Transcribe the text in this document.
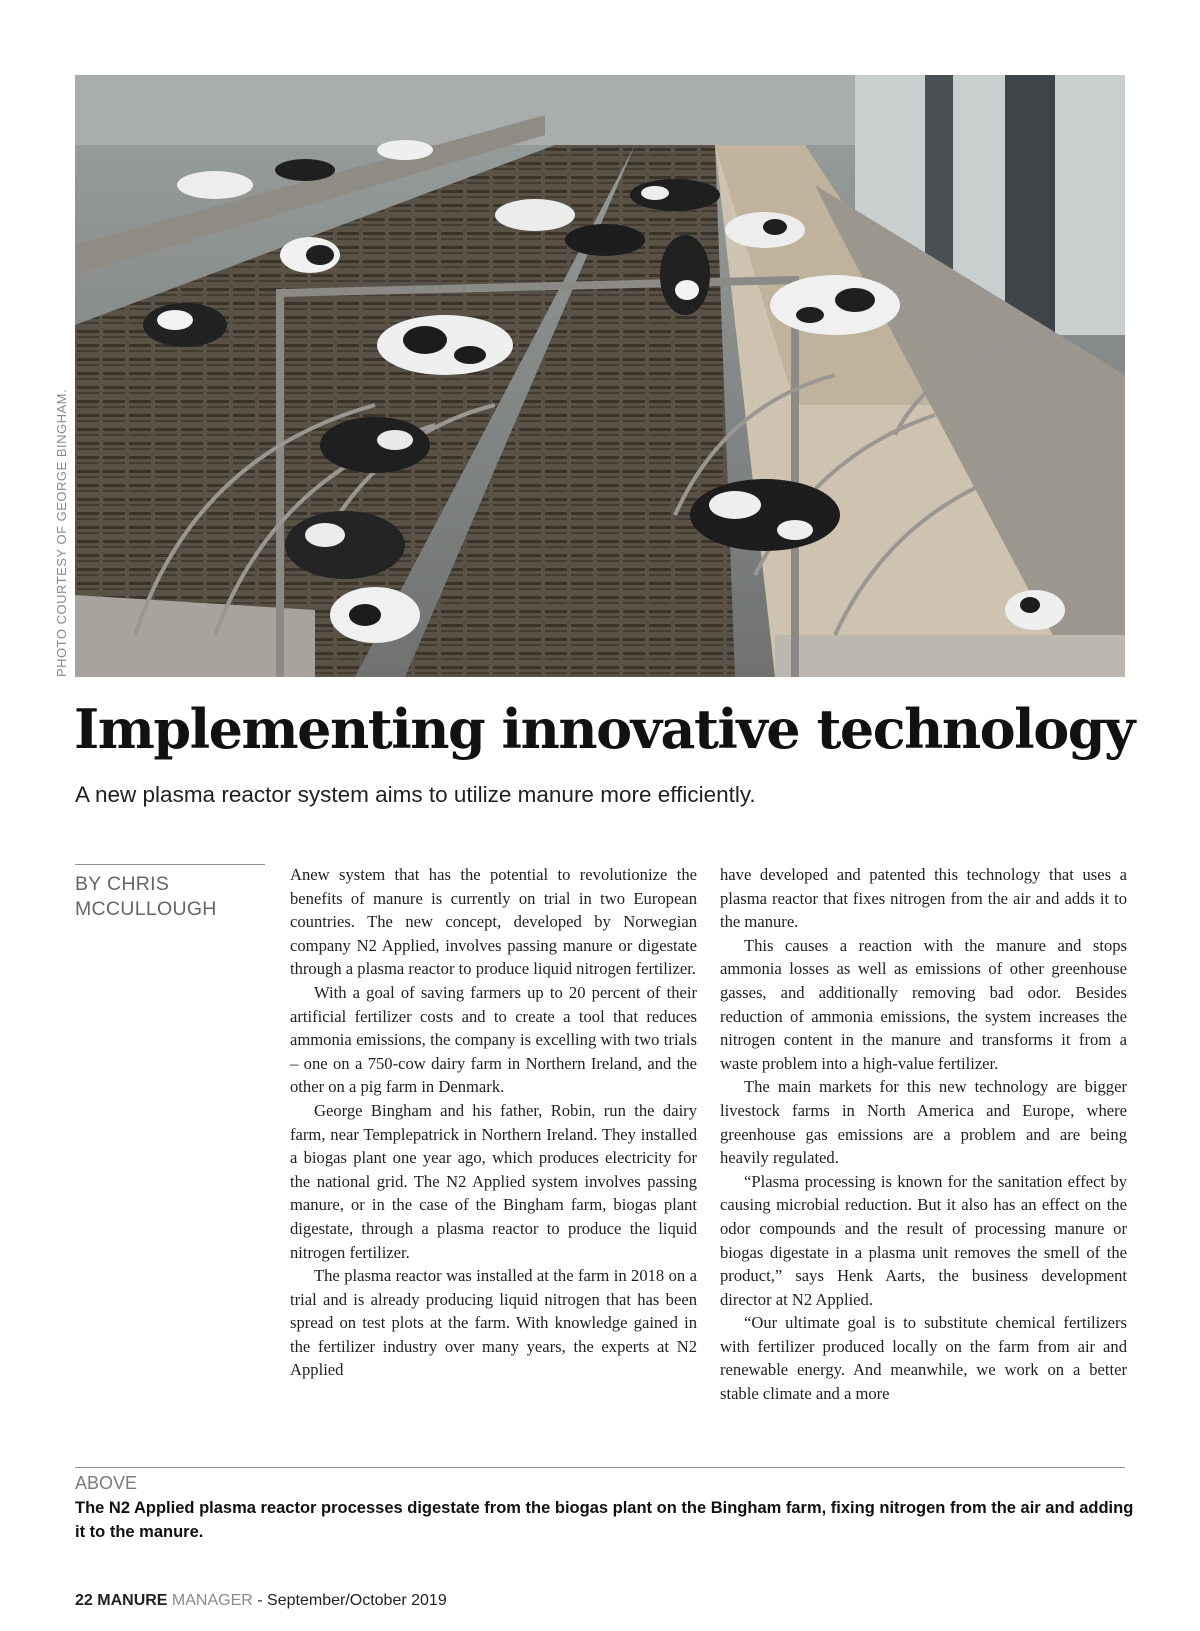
PHOTO COURTESY OF GEORGE BINGHAM.
Implementing innovative technology

A new plasma reactor system aims to utilize manure more efficiently.

BY CHRIS
MCCULLOUGH

Anew system that has the potential to revolutionize the benefits of manure is currently on trial in two European countries. The new concept, developed by Norwegian company N2 Applied, involves passing manure or digestate through a plasma reactor to produce liquid nitrogen fertilizer.

With a goal of saving farmers up to 20 percent of their artificial fertilizer costs and to create a tool that reduces ammonia emissions, the company is excelling with two trials – one on a 750-cow dairy farm in Northern Ireland, and the other on a pig farm in Denmark.

George Bingham and his father, Robin, run the dairy farm, near Templepatrick in Northern Ireland. They installed a biogas plant one year ago, which produces electricity for the national grid. The N2 Applied system involves passing manure, or in the case of the Bingham farm, biogas plant digestate, through a plasma reactor to produce the liquid nitrogen fertilizer.

The plasma reactor was installed at the farm in 2018 on a trial and is already producing liquid nitrogen that has been spread on test plots at the farm. With knowledge gained in the fertilizer industry over many years, the experts at N2 Applied

have developed and patented this technology that uses a plasma reactor that fixes nitrogen from the air and adds it to the manure.

This causes a reaction with the manure and stops ammonia losses as well as emissions of other greenhouse gasses, and additionally removing bad odor. Besides reduction of ammonia emissions, the system increases the nitrogen content in the manure and transforms it from a waste problem into a high-value fertilizer.

The main markets for this new technology are bigger livestock farms in North America and Europe, where greenhouse gas emissions are a problem and are being heavily regulated.

“Plasma processing is known for the sanitation effect by causing microbial reduction. But it also has an effect on the odor compounds and the result of processing manure or biogas digestate in a plasma unit removes the smell of the product,” says Henk Aarts, the business development director at N2 Applied.

“Our ultimate goal is to substitute chemical fertilizers with fertilizer produced locally on the farm from air and renewable energy. And meanwhile, we work on a better stable climate and a more

ABOVE
The N2 Applied plasma reactor processes digestate from the biogas plant on the Bingham farm, fixing nitrogen from the air and adding it to the manure.
22 MANURE MANAGER - September/October 2019
